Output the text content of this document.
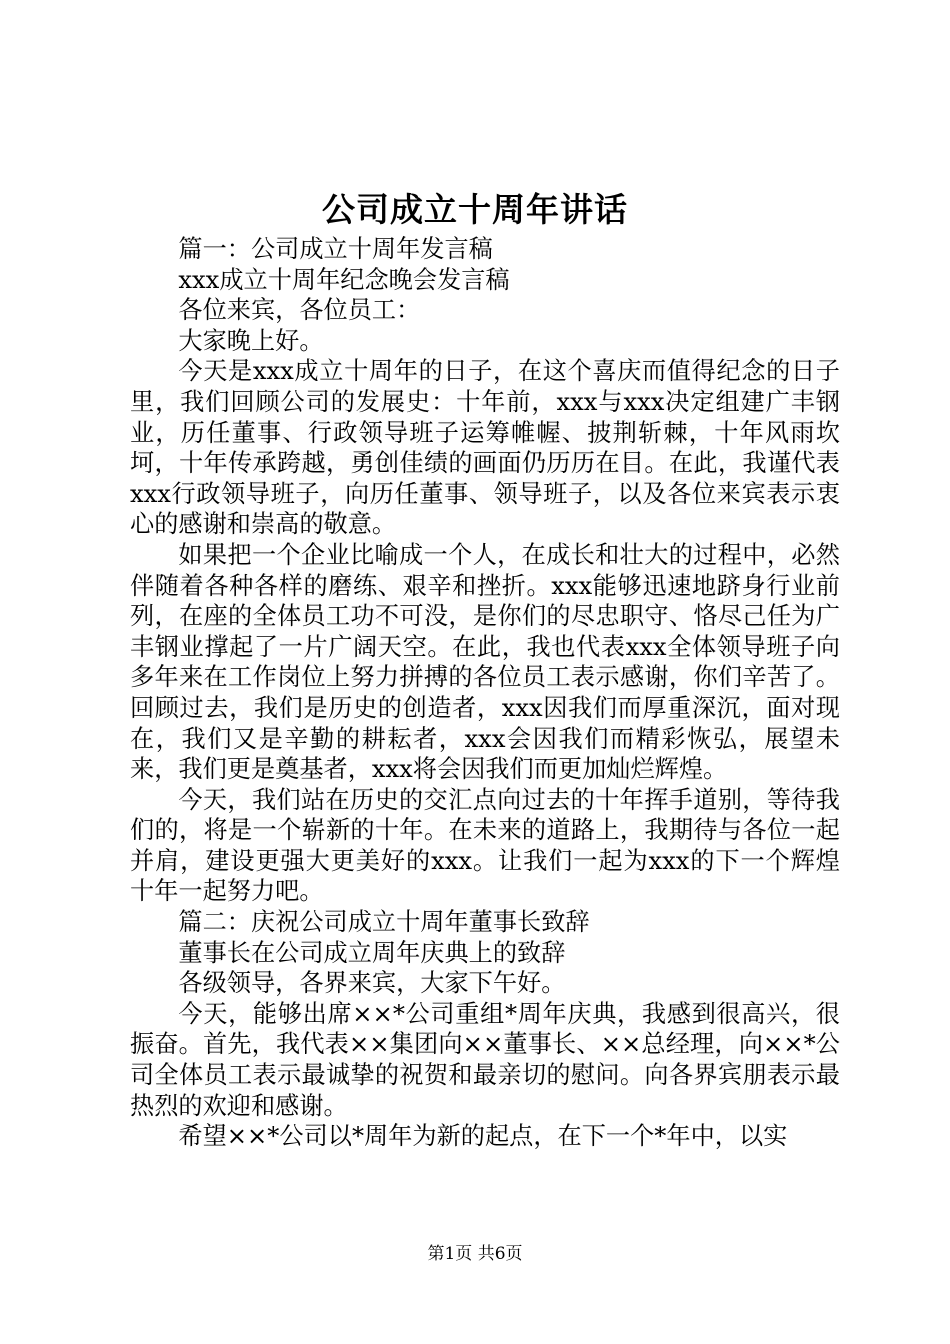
公司成立十周年讲话

篇一：公司成立十周年发言稿

xxx成立十周年纪念晚会发言稿

各位来宾，各位员工：

大家晚上好。

今天是xxx成立十周年的日子，在这个喜庆而值得纪念的日子里，我们回顾公司的发展史：十年前，xxx与xxx决定组建广丰钢业，历任董事、行政领导班子运筹帷幄、披荆斩棘，十年风雨坎坷，十年传承跨越，勇创佳绩的画面仍历历在目。在此，我谨代表xxx行政领导班子，向历任董事、领导班子，以及各位来宾表示衷心的感谢和崇高的敬意。

如果把一个企业比喻成一个人，在成长和壮大的过程中，必然伴随着各种各样的磨练、艰辛和挫折。xxx能够迅速地跻身行业前列，在座的全体员工功不可没，是你们的尽忠职守、恪尽己任为广丰钢业撑起了一片广阔天空。在此，我也代表xxx全体领导班子向多年来在工作岗位上努力拼搏的各位员工表示感谢，你们辛苦了。回顾过去，我们是历史的创造者，xxx因我们而厚重深沉，面对现在，我们又是辛勤的耕耘者，xxx会因我们而精彩恢弘，展望未来，我们更是奠基者，xxx将会因我们而更加灿烂辉煌。

今天，我们站在历史的交汇点向过去的十年挥手道别，等待我们的，将是一个崭新的十年。在未来的道路上，我期待与各位一起并肩，建设更强大更美好的xxx。让我们一起为xxx的下一个辉煌十年一起努力吧。

篇二：庆祝公司成立十周年董事长致辞

董事长在公司成立周年庆典上的致辞

各级领导，各界来宾，大家下午好。

今天，能够出席××*公司重组*周年庆典，我感到很高兴，很振奋。首先，我代表××集团向××董事长、××总经理，向××*公司全体员工表示最诚挚的祝贺和最亲切的慰问。向各界宾朋表示最热烈的欢迎和感谢。

希望××*公司以*周年为新的起点，在下一个*年中，以实

第1页 共6页
